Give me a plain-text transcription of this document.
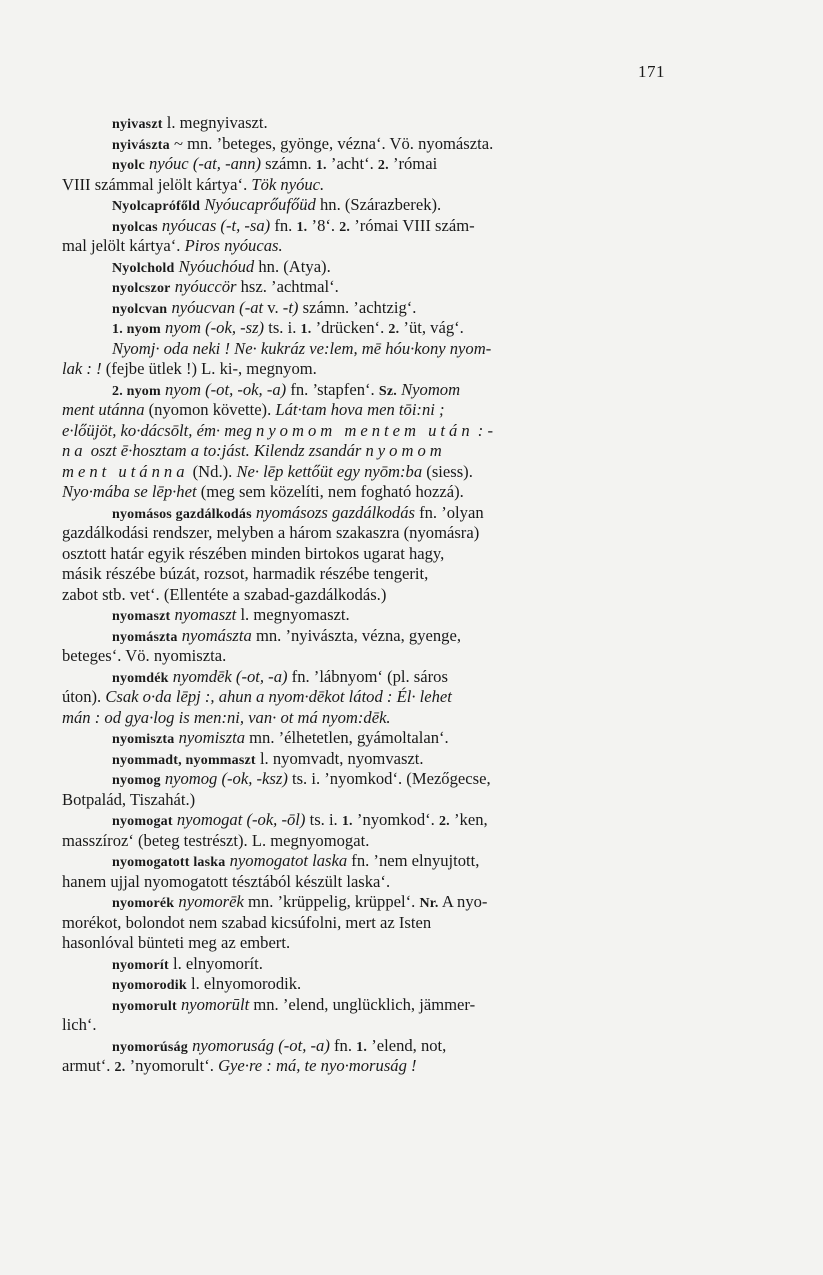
171
nyivaszt l. megnyivaszt.
nyivászta ~ mn. ’beteges, gyönge, vézna‘. Vö. nyomászta.
nyolc nyóuc (-at, -ann) számn. 1. ’acht‘. 2. ’római
VIII számmal jelölt kártya‘. Tök nyóuc.
Nyolcaprófőld Nyóucaprőufőüd hn. (Szárazberek).
nyolcas nyóucas (-t, -sa) fn. 1. ’8‘. 2. ’római VIII szám-
mal jelölt kártya‘. Piros nyóucas.
Nyolchold Nyóuchóud hn. (Atya).
nyolcszor nyóuccör hsz. ’achtmal‘.
nyolcvan nyóucvan (-at v. -t) számn. ’achtzig‘.
1. nyom nyom (-ok, -sz) ts. i. 1. ’drücken‘. 2. ’üt, vág‘.
Nyomj· oda neki ! Ne· kukráz ve:lem, mē hóu·kony nyom-
lak : ! (fejbe ütlek !) L. ki-, megnyom.
2. nyom nyom (-ot, -ok, -a) fn. ’stapfen‘. Sz. Nyomom
ment utánna (nyomon követte). Lát·tam hova men tōi:ni ;
e·lőüjöt, ko·dácsōlt, ém· meg nyomom mentem után : -
na oszt ē·hosztam a to:jást. Kilendz zsandár nyomom
ment utánna (Nd.). Ne· lēp kettőüt egy nyōm:ba (siess).
Nyo·mába se lēp·het (meg sem közelíti, nem fogható hozzá).
nyomásos gazdálkodás nyomásozs gazdálkodás fn. ’olyan
gazdálkodási rendszer, melyben a három szakaszra (nyomásra)
osztott határ egyik részében minden birtokos ugarat hagy,
másik részébe búzát, rozsot, harmadik részébe tengerit,
zabot stb. vet‘. (Ellentéte a szabad-gazdálkodás.)
nyomaszt nyomaszt l. megnyomaszt.
nyomászta nyomászta mn. ’nyivászta, vézna, gyenge,
beteges‘. Vö. nyomiszta.
nyomdék nyomdēk (-ot, -a) fn. ’lábnyom‘ (pl. sáros
úton). Csak o·da lēpj :, ahun a nyom·dēkot látod : Él· lehet
mán : od gya·log is men:ni, van· ot má nyom:dēk.
nyomiszta nyomiszta mn. ’élhetetlen, gyámoltalan‘.
nyommadt, nyommaszt l. nyomvadt, nyomvaszt.
nyomog nyomog (-ok, -ksz) ts. i. ’nyomkod‘. (Mezőgecse,
Botpalád, Tiszahát.)
nyomogat nyomogat (-ok, -ōl) ts. i. 1. ’nyomkod‘. 2. ’ken,
masszíroz‘ (beteg testrészt). L. megnyomogat.
nyomogatott laska nyomogatot laska fn. ’nem elnyujtott,
hanem ujjal nyomogatott tésztából készült laska‘.
nyomorék nyomorēk mn. ’krüppelig, krüppel‘. Nr. A nyo-
morékot, bolondot nem szabad kicsúfolni, mert az Isten
hasonlóval bünteti meg az embert.
nyomorít l. elnyomorít.
nyomorodik l. elnyomorodik.
nyomorult nyomorūlt mn. ’elend, unglücklich, jämmer-
lich‘.
nyomorúság nyomoruság (-ot, -a) fn. 1. ’elend, not,
armut‘. 2. ’nyomorult‘. Gye·re : má, te nyo·moruság !
